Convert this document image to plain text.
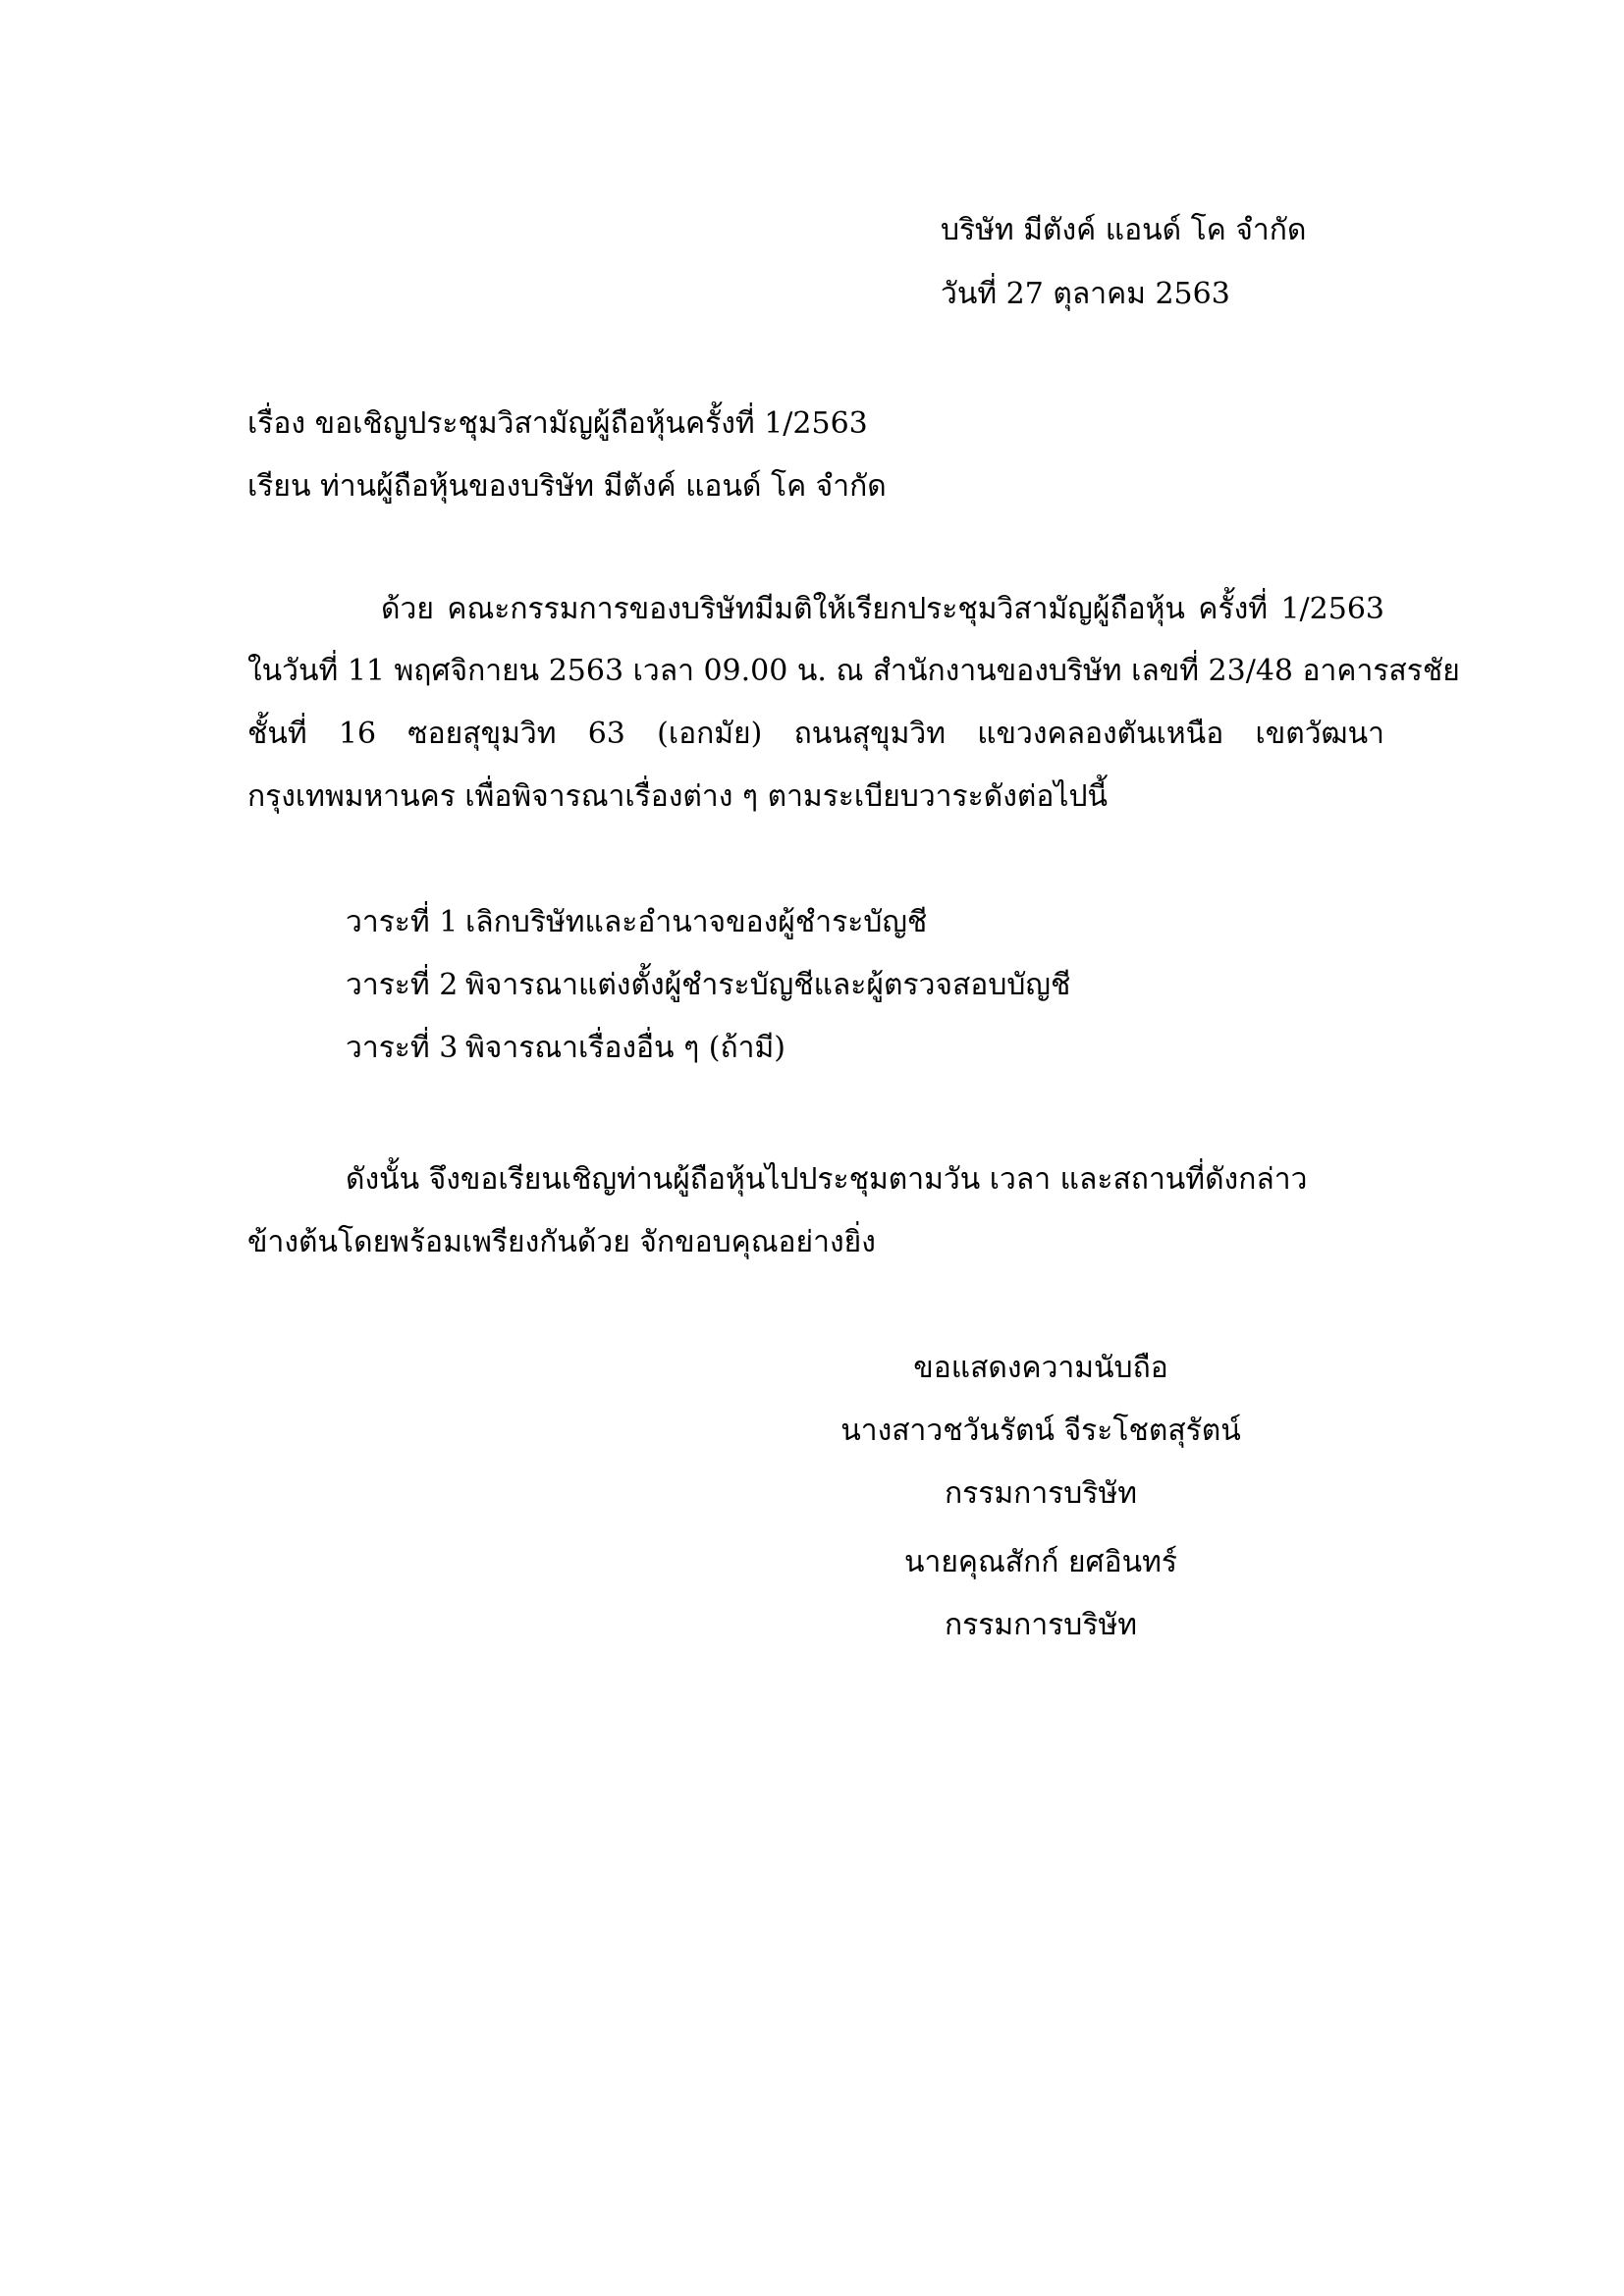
บริษัท มีตังค์ แอนด์ โค จำกัด
วันที่ 27 ตุลาคม 2563
เรื่อง ขอเชิญประชุมวิสามัญผู้ถือหุ้นครั้งที่ 1/2563
เรียน ท่านผู้ถือหุ้นของบริษัท มีตังค์ แอนด์ โค จำกัด
ด้วย คณะกรรมการของบริษัทมีมติให้เรียกประชุมวิสามัญผู้ถือหุ้น ครั้งที่ 1/2563
ในวันที่ 11 พฤศจิกายน 2563 เวลา 09.00 น. ณ สำนักงานของบริษัท เลขที่ 23/48 อาคารสรชัย
ชั้นที่ 16 ซอยสุขุมวิท 63 (เอกมัย) ถนนสุขุมวิท แขวงคลองตันเหนือ เขตวัฒนา
กรุงเทพมหานคร เพื่อพิจารณาเรื่องต่าง ๆ ตามระเบียบวาระดังต่อไปนี้
วาระที่ 1 เลิกบริษัทและอำนาจของผู้ชำระบัญชี
วาระที่ 2 พิจารณาแต่งตั้งผู้ชำระบัญชีและผู้ตรวจสอบบัญชี
วาระที่ 3 พิจารณาเรื่องอื่น ๆ (ถ้ามี)
ดังนั้น จึงขอเรียนเชิญท่านผู้ถือหุ้นไปประชุมตามวัน เวลา และสถานที่ดังกล่าว
ข้างต้นโดยพร้อมเพรียงกันด้วย จักขอบคุณอย่างยิ่ง
ขอแสดงความนับถือ
นางสาวชวันรัตน์ จีระโชตสุรัตน์
กรรมการบริษัท
นายคุณสักก์ ยศอินทร์
กรรมการบริษัท
